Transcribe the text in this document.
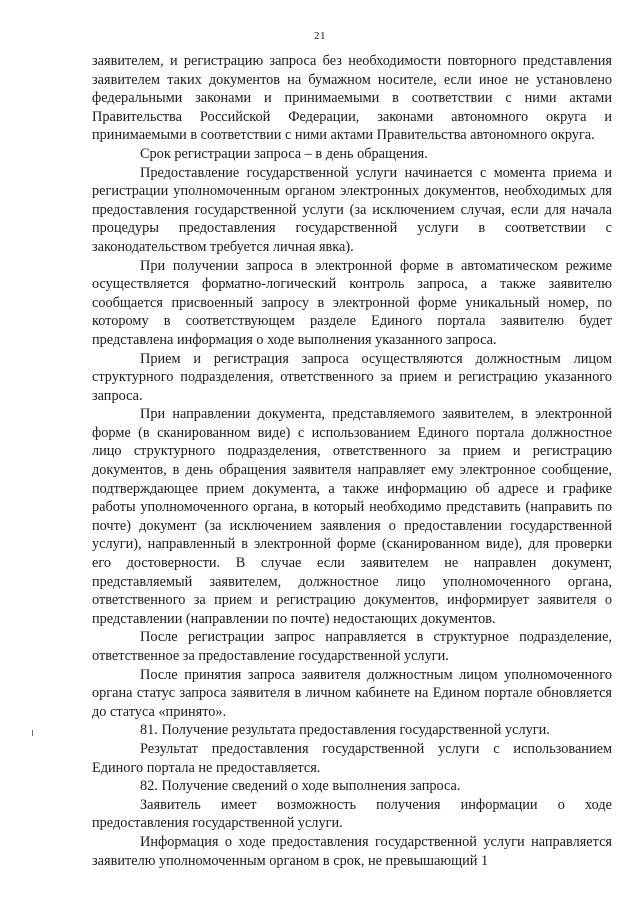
21

заявителем, и регистрацию запроса без необходимости повторного представления заявителем таких документов на бумажном носителе, если иное не установлено федеральными законами и принимаемыми в соответствии с ними актами Правительства Российской Федерации, законами автономного округа и принимаемыми в соответствии с ними актами Правительства автономного округа.

Срок регистрации запроса – в день обращения.

Предоставление государственной услуги начинается с момента приема и регистрации уполномоченным органом электронных документов, необходимых для предоставления государственной услуги (за исключением случая, если для начала процедуры предоставления государственной услуги в соответствии с законодательством требуется личная явка).

При получении запроса в электронной форме в автоматическом режиме осуществляется форматно-логический контроль запроса, а также заявителю сообщается присвоенный запросу в электронной форме уникальный номер, по которому в соответствующем разделе Единого портала заявителю будет представлена информация о ходе выполнения указанного запроса.

Прием и регистрация запроса осуществляются должностным лицом структурного подразделения, ответственного за прием и регистрацию указанного запроса.

При направлении документа, представляемого заявителем, в электронной форме (в сканированном виде) с использованием Единого портала должностное лицо структурного подразделения, ответственного за прием и регистрацию документов, в день обращения заявителя направляет ему электронное сообщение, подтверждающее прием документа, а также информацию об адресе и графике работы уполномоченного органа, в который необходимо представить (направить по почте) документ (за исключением заявления о предоставлении государственной услуги), направленный в электронной форме (сканированном виде), для проверки его достоверности. В случае если заявителем не направлен документ, представляемый заявителем, должностное лицо уполномоченного органа, ответственного за прием и регистрацию документов, информирует заявителя о представлении (направлении по почте) недостающих документов.

После регистрации запрос направляется в структурное подразделение, ответственное за предоставление государственной услуги.

После принятия запроса заявителя должностным лицом уполномоченного органа статус запроса заявителя в личном кабинете на Едином портале обновляется до статуса «принято».

81. Получение результата предоставления государственной услуги.

Результат предоставления государственной услуги с использованием Единого портала не предоставляется.

82. Получение сведений о ходе выполнения запроса.

Заявитель имеет возможность получения информации о ходе предоставления государственной услуги.

Информация о ходе предоставления государственной услуги направляется заявителю уполномоченным органом в срок, не превышающий 1
